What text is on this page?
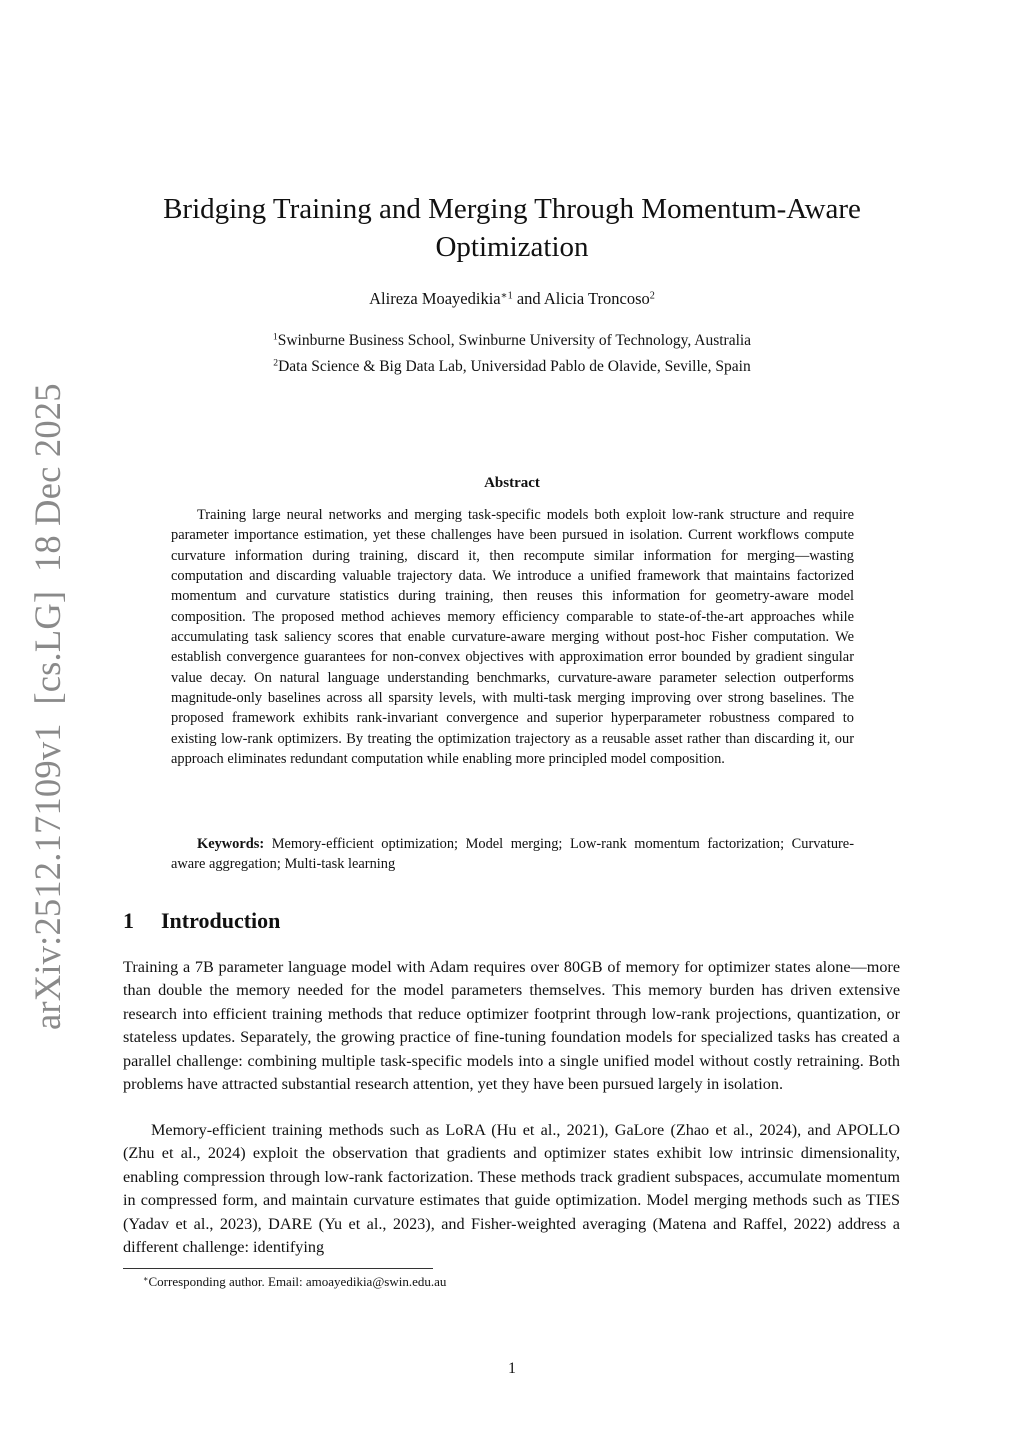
arXiv:2512.17109v1  [cs.LG]  18 Dec 2025
Bridging Training and Merging Through Momentum-Aware Optimization
Alireza Moayedikia$^{∗1}$ and Alicia Troncoso$^2$
$^1$Swinburne Business School, Swinburne University of Technology, Australia
$^2$Data Science & Big Data Lab, Universidad Pablo de Olavide, Seville, Spain
Abstract
Training large neural networks and merging task-specific models both exploit low-rank structure and require parameter importance estimation, yet these challenges have been pursued in isolation. Current workflows compute curvature information during training, discard it, then recompute similar information for merging—wasting computation and discarding valuable trajectory data. We introduce a unified framework that maintains factorized momentum and curvature statistics during training, then reuses this information for geometry-aware model composition. The proposed method achieves memory efficiency comparable to state-of-the-art approaches while accumulating task saliency scores that enable curvature-aware merging without post-hoc Fisher computation. We establish convergence guarantees for non-convex objectives with approximation error bounded by gradient singular value decay. On natural language understanding benchmarks, curvature-aware parameter selection outperforms magnitude-only baselines across all sparsity levels, with multi-task merging improving over strong baselines. The proposed framework exhibits rank-invariant convergence and superior hyperparameter robustness compared to existing low-rank optimizers. By treating the optimization trajectory as a reusable asset rather than discarding it, our approach eliminates redundant computation while enabling more principled model composition.
Keywords: Memory-efficient optimization; Model merging; Low-rank momentum factorization; Curvature-aware aggregation; Multi-task learning
1 Introduction

Training a 7B parameter language model with Adam requires over 80GB of memory for optimizer states alone—more than double the memory needed for the model parameters themselves. This memory burden has driven extensive research into efficient training methods that reduce optimizer footprint through low-rank projections, quantization, or stateless updates. Separately, the growing practice of fine-tuning foundation models for specialized tasks has created a parallel challenge: combining multiple task-specific models into a single unified model without costly retraining. Both problems have attracted substantial research attention, yet they have been pursued largely in isolation.

Memory-efficient training methods such as LoRA (Hu et al., 2021), GaLore (Zhao et al., 2024), and APOLLO (Zhu et al., 2024) exploit the observation that gradients and optimizer states exhibit low intrinsic dimensionality, enabling compression through low-rank factorization. These methods track gradient subspaces, accumulate momentum in compressed form, and maintain curvature estimates that guide optimization. Model merging methods such as TIES (Yadav et al., 2023), DARE (Yu et al., 2023), and Fisher-weighted averaging (Matena and Raffel, 2022) address a different challenge: identifying

∗Corresponding author. Email: amoayedikia@swin.edu.au
1
